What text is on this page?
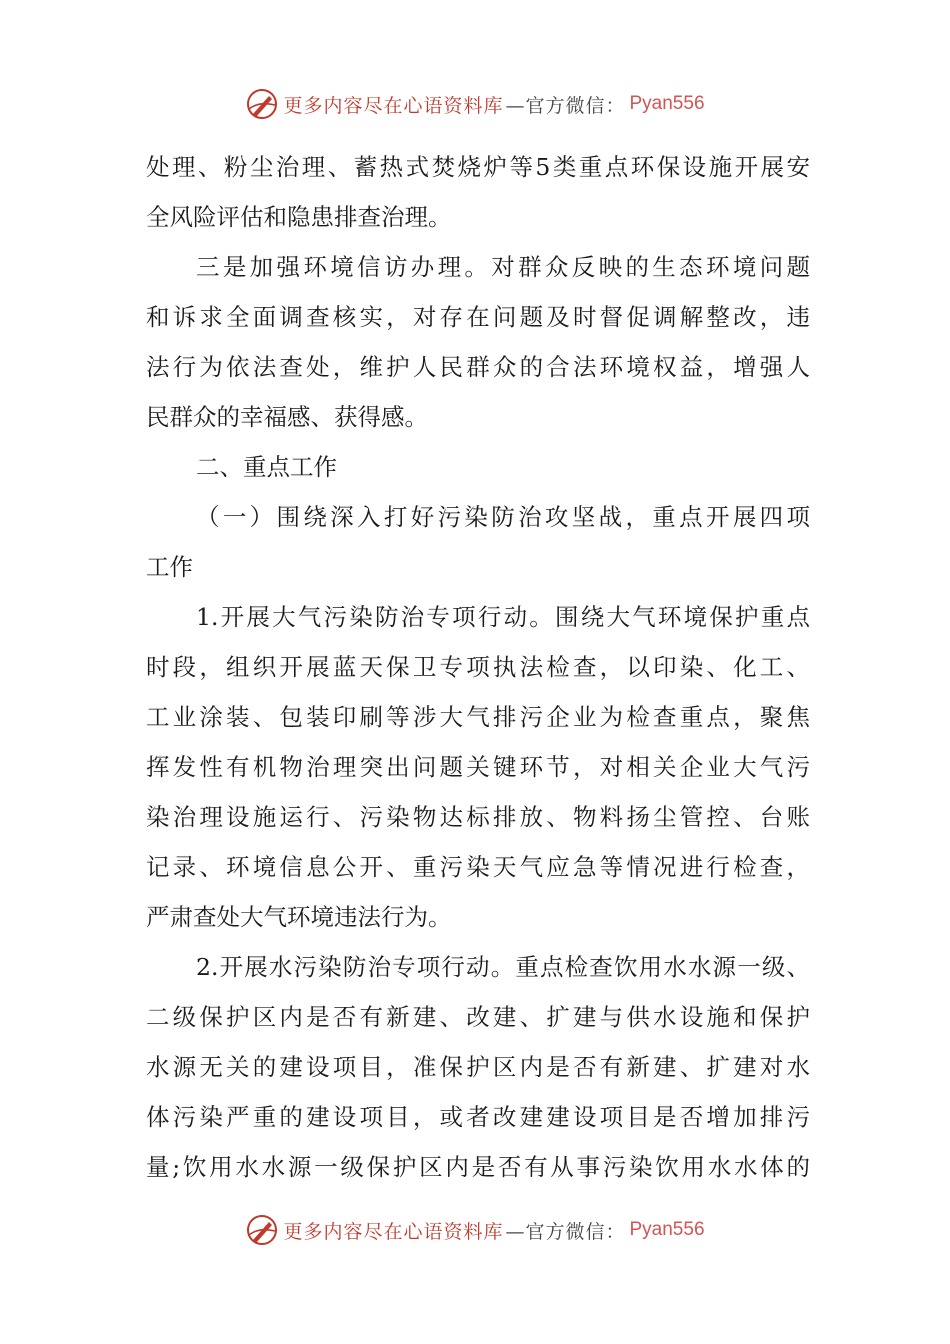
更多内容尽在心语资料库 —官方微信： Pyan556
处理、粉尘治理、蓄热式焚烧炉等5类重点环保设施开展安
全风险评估和隐患排查治理。
三是加强环境信访办理。对群众反映的生态环境问题
和诉求全面调查核实，对存在问题及时督促调解整改，违
法行为依法查处，维护人民群众的合法环境权益，增强人
民群众的幸福感、获得感。
二、重点工作
（一）围绕深入打好污染防治攻坚战，重点开展四项
工作
1.开展大气污染防治专项行动。围绕大气环境保护重点
时段，组织开展蓝天保卫专项执法检查，以印染、化工、
工业涂装、包装印刷等涉大气排污企业为检查重点，聚焦
挥发性有机物治理突出问题关键环节，对相关企业大气污
染治理设施运行、污染物达标排放、物料扬尘管控、台账
记录、环境信息公开、重污染天气应急等情况进行检查，
严肃查处大气环境违法行为。
2.开展水污染防治专项行动。重点检查饮用水水源一级、
二级保护区内是否有新建、改建、扩建与供水设施和保护
水源无关的建设项目，准保护区内是否有新建、扩建对水
体污染严重的建设项目，或者改建建设项目是否增加排污
量;饮用水水源一级保护区内是否有从事污染饮用水水体的
更多内容尽在心语资料库 —官方微信： Pyan556
